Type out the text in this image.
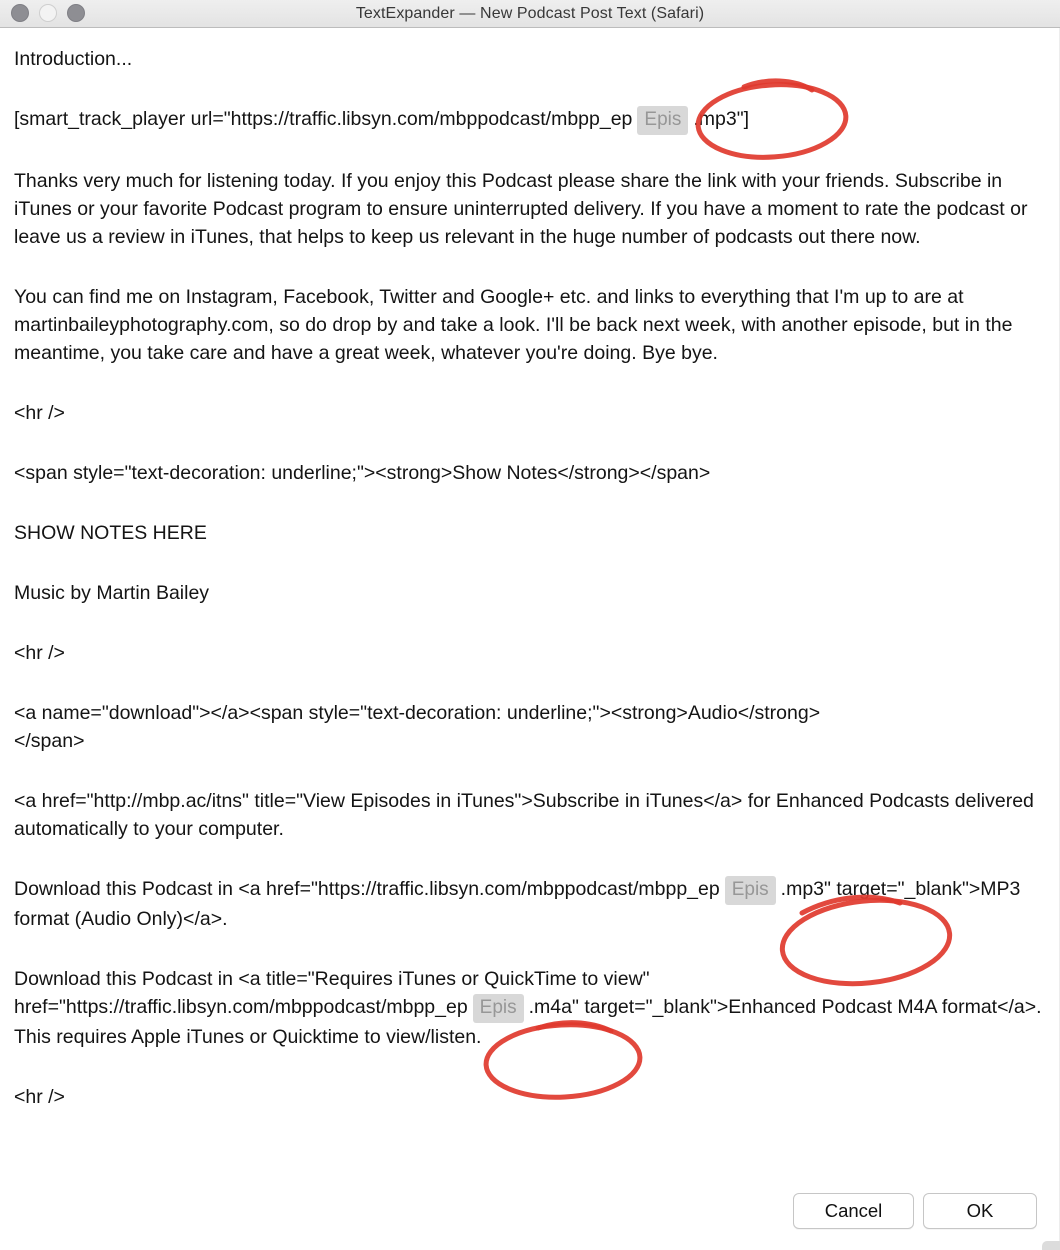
TextExpander — New Podcast Post Text (Safari)

Introduction...

[smart_track_player url="https://traffic.libsyn.com/mbppodcast/mbpp_ep Epis .mp3"]

Thanks very much for listening today. If you enjoy this Podcast please share the link with your friends. Subscribe in iTunes or your favorite Podcast program to ensure uninterrupted delivery. If you have a moment to rate the podcast or leave us a review in iTunes, that helps to keep us relevant in the huge number of podcasts out there now.

You can find me on Instagram, Facebook, Twitter and Google+ etc. and links to everything that I'm up to are at martinbaileyphotography.com, so do drop by and take a look. I'll be back next week, with another episode, but in the meantime, you take care and have a great week, whatever you're doing. Bye bye.

<hr />

<span style="text-decoration: underline;"><strong>Show Notes</strong></span>

SHOW NOTES HERE

Music by Martin Bailey

<hr />

<a name="download"></a><span style="text-decoration: underline;"><strong>Audio</strong>
</span>

<a href="http://mbp.ac/itns" title="View Episodes in iTunes">Subscribe in iTunes</a> for Enhanced Podcasts delivered automatically to your computer.

Download this Podcast in <a href="https://traffic.libsyn.com/mbppodcast/mbpp_ep Epis .mp3" target="_blank">MP3 format (Audio Only)</a>.

Download this Podcast in <a title="Requires iTunes or QuickTime to view" href="https://traffic.libsyn.com/mbppodcast/mbpp_ep Epis .m4a" target="_blank">Enhanced Podcast M4A format</a>. This requires Apple iTunes or Quicktime to view/listen.

<hr />

Cancel	OK
